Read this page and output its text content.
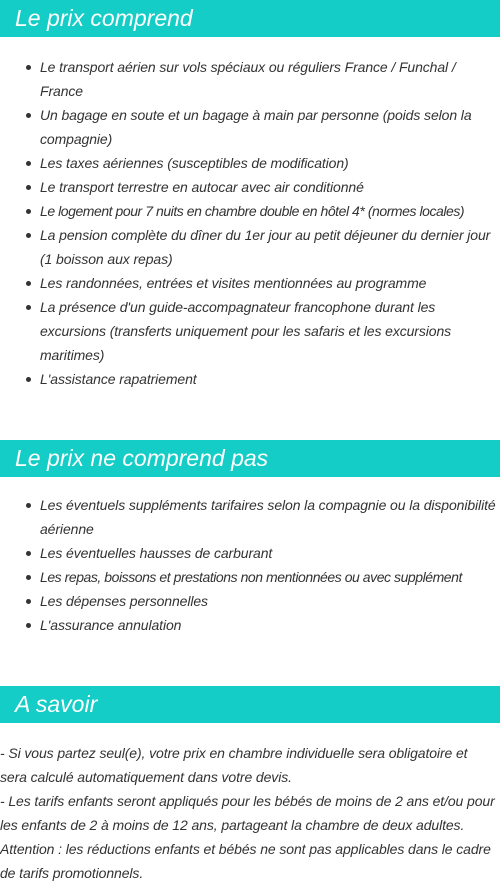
Le prix comprend
Le transport aérien sur vols spéciaux ou réguliers France / Funchal / France
Un bagage en soute et un bagage à main par personne (poids selon la compagnie)
Les taxes aériennes (susceptibles de modification)
Le transport terrestre en autocar avec air conditionné
Le logement pour 7 nuits en chambre double en hôtel 4* (normes locales)
La pension complète du dîner du 1er jour au petit déjeuner du dernier jour (1 boisson aux repas)
Les randonnées, entrées et visites mentionnées au programme
La présence d'un guide-accompagnateur francophone durant les excursions (transferts uniquement pour les safaris et les excursions maritimes)
L'assistance rapatriement
Le prix ne comprend pas
Les éventuels suppléments tarifaires selon la compagnie ou la disponibilité aérienne
Les éventuelles hausses de carburant
Les repas, boissons et prestations non mentionnées ou avec supplément
Les dépenses personnelles
L'assurance annulation
A savoir

- Si vous partez seul(e), votre prix en chambre individuelle sera obligatoire et sera calculé automatiquement dans votre devis.

- Les tarifs enfants seront appliqués pour les bébés de moins de 2 ans et/ou pour les enfants de 2 à moins de 12 ans, partageant la chambre de deux adultes.

Attention : les réductions enfants et bébés ne sont pas applicables dans le cadre de tarifs promotionnels.
